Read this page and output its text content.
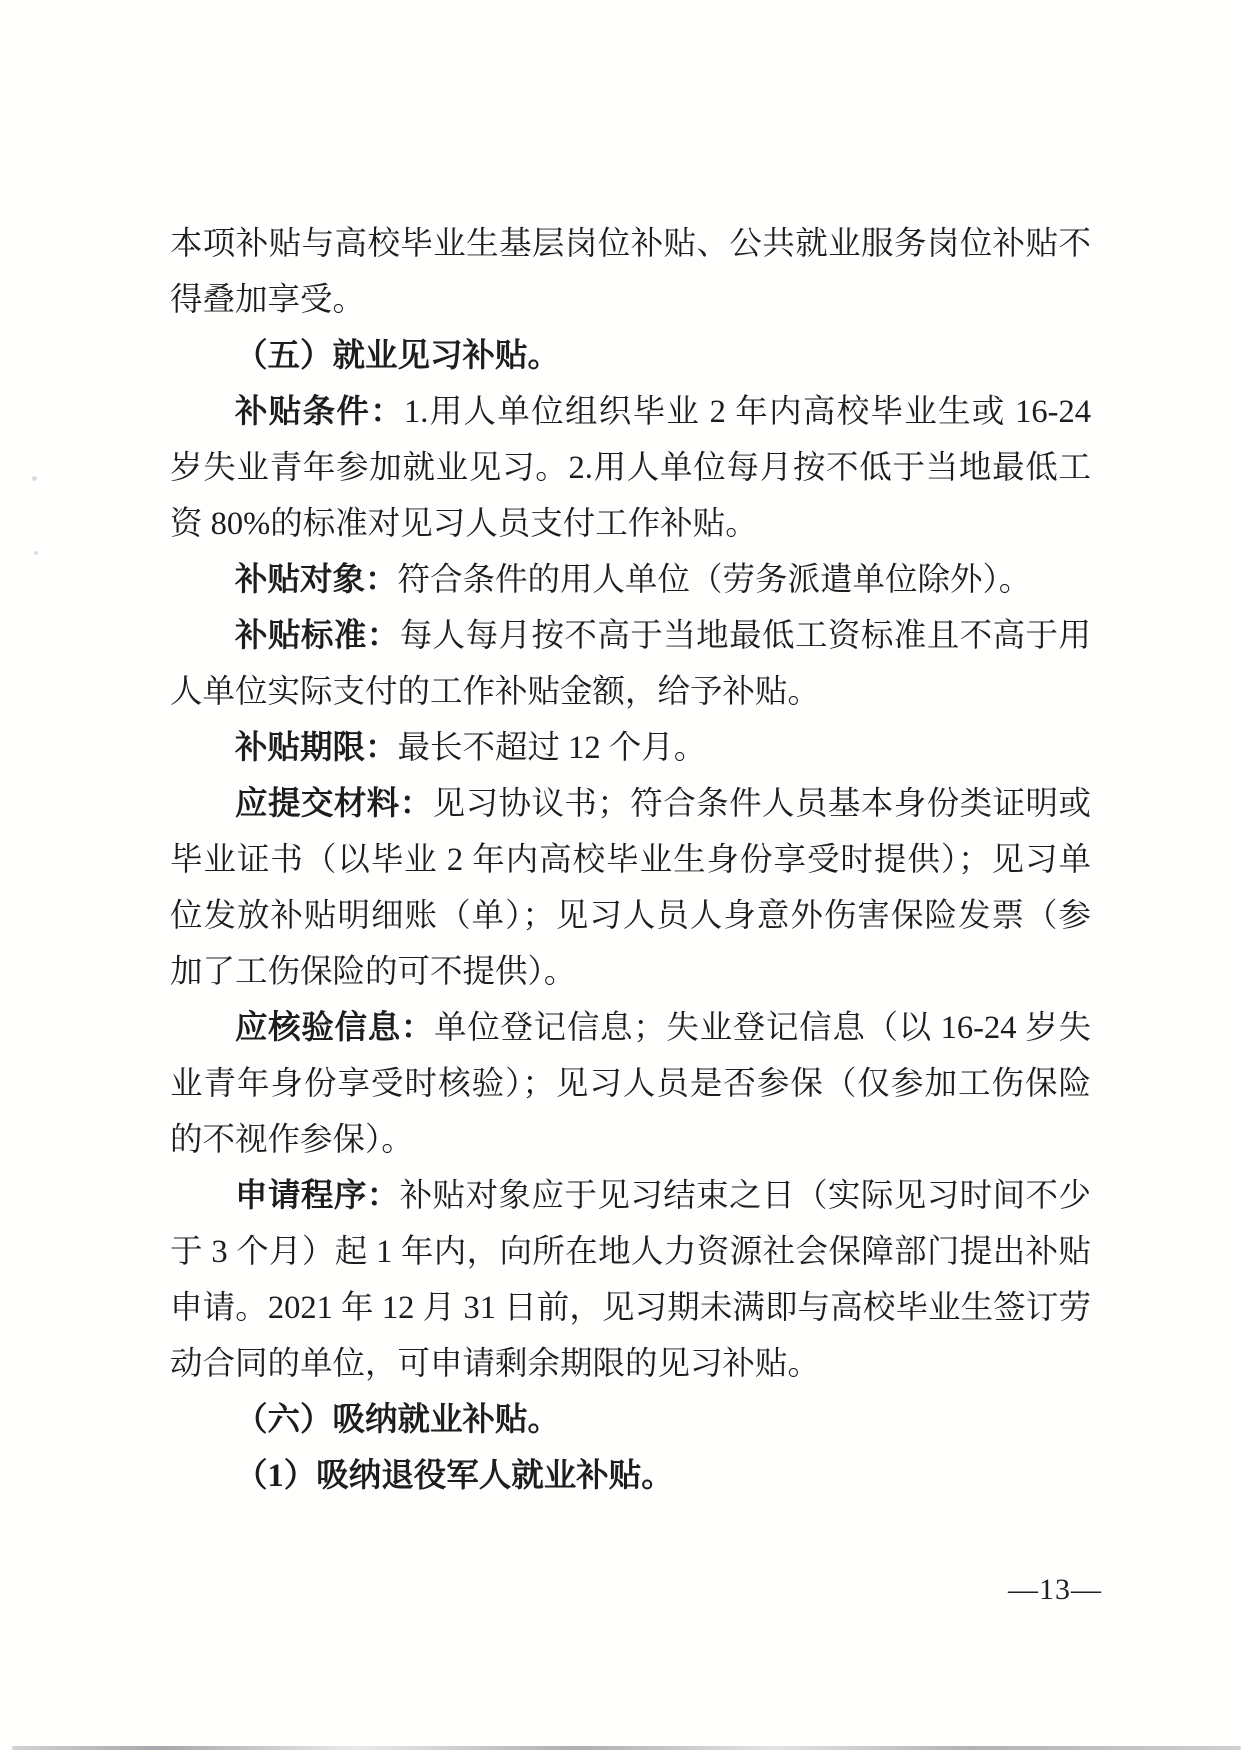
本项补贴与高校毕业生基层岗位补贴、公共就业服务岗位补贴不得叠加享受。

（五）就业见习补贴。

补贴条件：1.用人单位组织毕业 2 年内高校毕业生或 16-24 岁失业青年参加就业见习。2.用人单位每月按不低于当地最低工资 80%的标准对见习人员支付工作补贴。

补贴对象：符合条件的用人单位（劳务派遣单位除外）。

补贴标准：每人每月按不高于当地最低工资标准且不高于用人单位实际支付的工作补贴金额，给予补贴。

补贴期限：最长不超过 12 个月。

应提交材料：见习协议书；符合条件人员基本身份类证明或毕业证书（以毕业 2 年内高校毕业生身份享受时提供）；见习单位发放补贴明细账（单）；见习人员人身意外伤害保险发票（参加了工伤保险的可不提供）。

应核验信息：单位登记信息；失业登记信息（以 16-24 岁失业青年身份享受时核验）；见习人员是否参保（仅参加工伤保险的不视作参保）。

申请程序：补贴对象应于见习结束之日（实际见习时间不少于 3 个月）起 1 年内，向所在地人力资源社会保障部门提出补贴申请。2021 年 12 月 31 日前，见习期未满即与高校毕业生签订劳动合同的单位，可申请剩余期限的见习补贴。

（六）吸纳就业补贴。

（1）吸纳退役军人就业补贴。

—13—
